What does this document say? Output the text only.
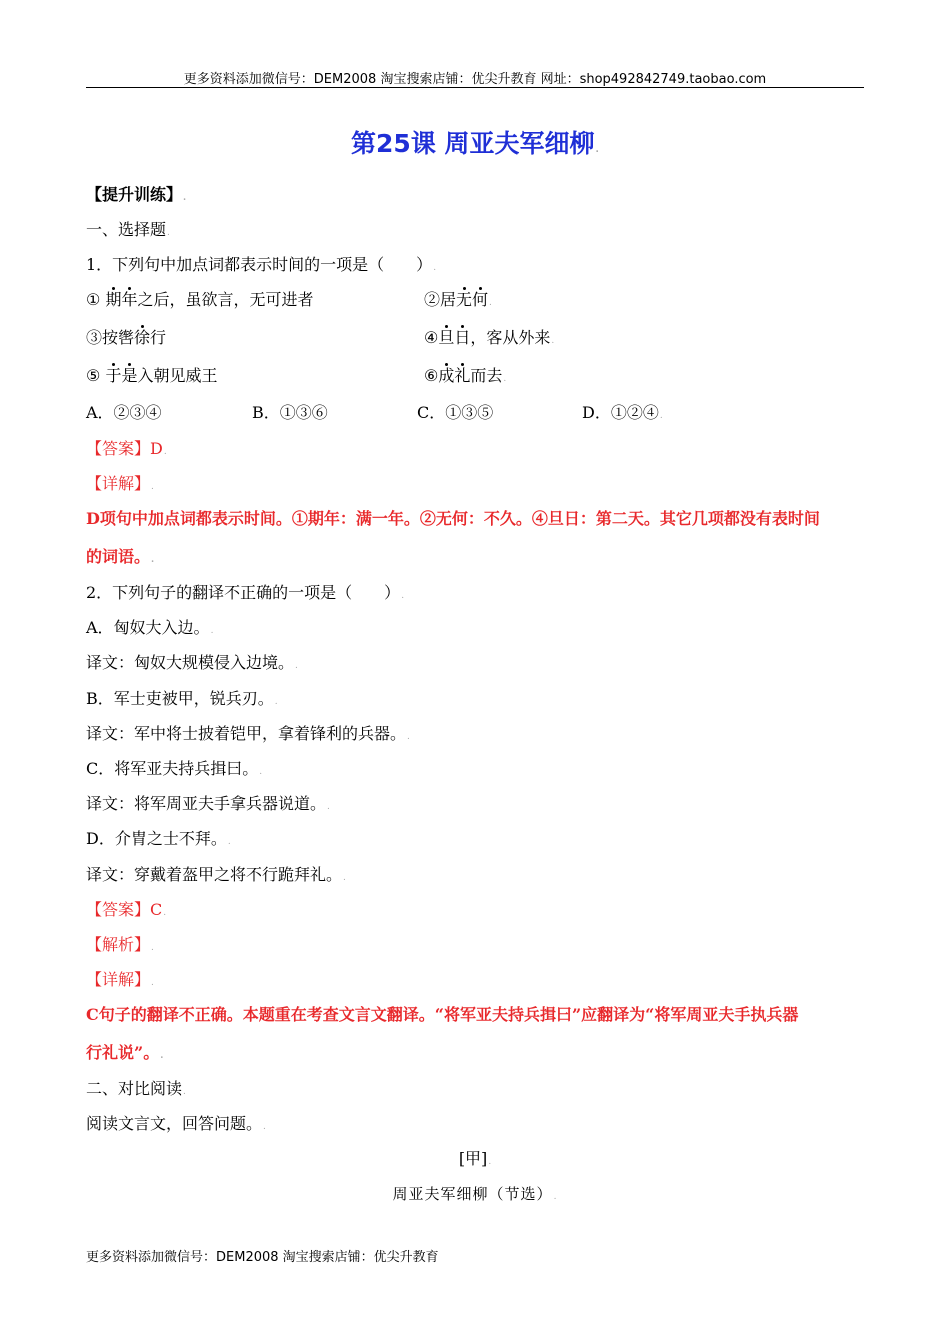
更多资料添加微信号：DEM2008 淘宝搜索店铺：优尖升教育 网址：shop492842749.taobao.com
第25课 周亚夫军细柳.
【提升训练】.
一、选择题.
1．下列句中加点词都表示时间的一项是（　　）.
① 期年之后，虽欲言，无可进者	②居无何.
③按辔徐行	④旦日，客从外来.
⑤ 于是入朝见威王	⑥成礼而去.
A．②③④	B．①③⑥	C．①③⑤	D．①②④.
【答案】D.
【详解】.
D项句中加点词都表示时间。①期年：满一年。②无何：不久。④旦日：第二天。其它几项都没有表时间
的词语。.
2．下列句子的翻译不正确的一项是（　　）.
A．匈奴大入边。.
译文：匈奴大规模侵入边境。.
B．军士吏被甲，锐兵刃。.
译文：军中将士披着铠甲，拿着锋利的兵器。.
C．将军亚夫持兵揖曰。.
译文：将军周亚夫手拿兵器说道。.
D．介胄之士不拜。.
译文：穿戴着盔甲之将不行跪拜礼。.
【答案】C.
【解析】.
【详解】.
C句子的翻译不正确。本题重在考查文言文翻译。“将军亚夫持兵揖曰”应翻译为“将军周亚夫手执兵器
行礼说”。.
二、对比阅读.
阅读文言文，回答问题。.
[甲].
周亚夫军细柳（节选）.
更多资料添加微信号：DEM2008 淘宝搜索店铺：优尖升教育
